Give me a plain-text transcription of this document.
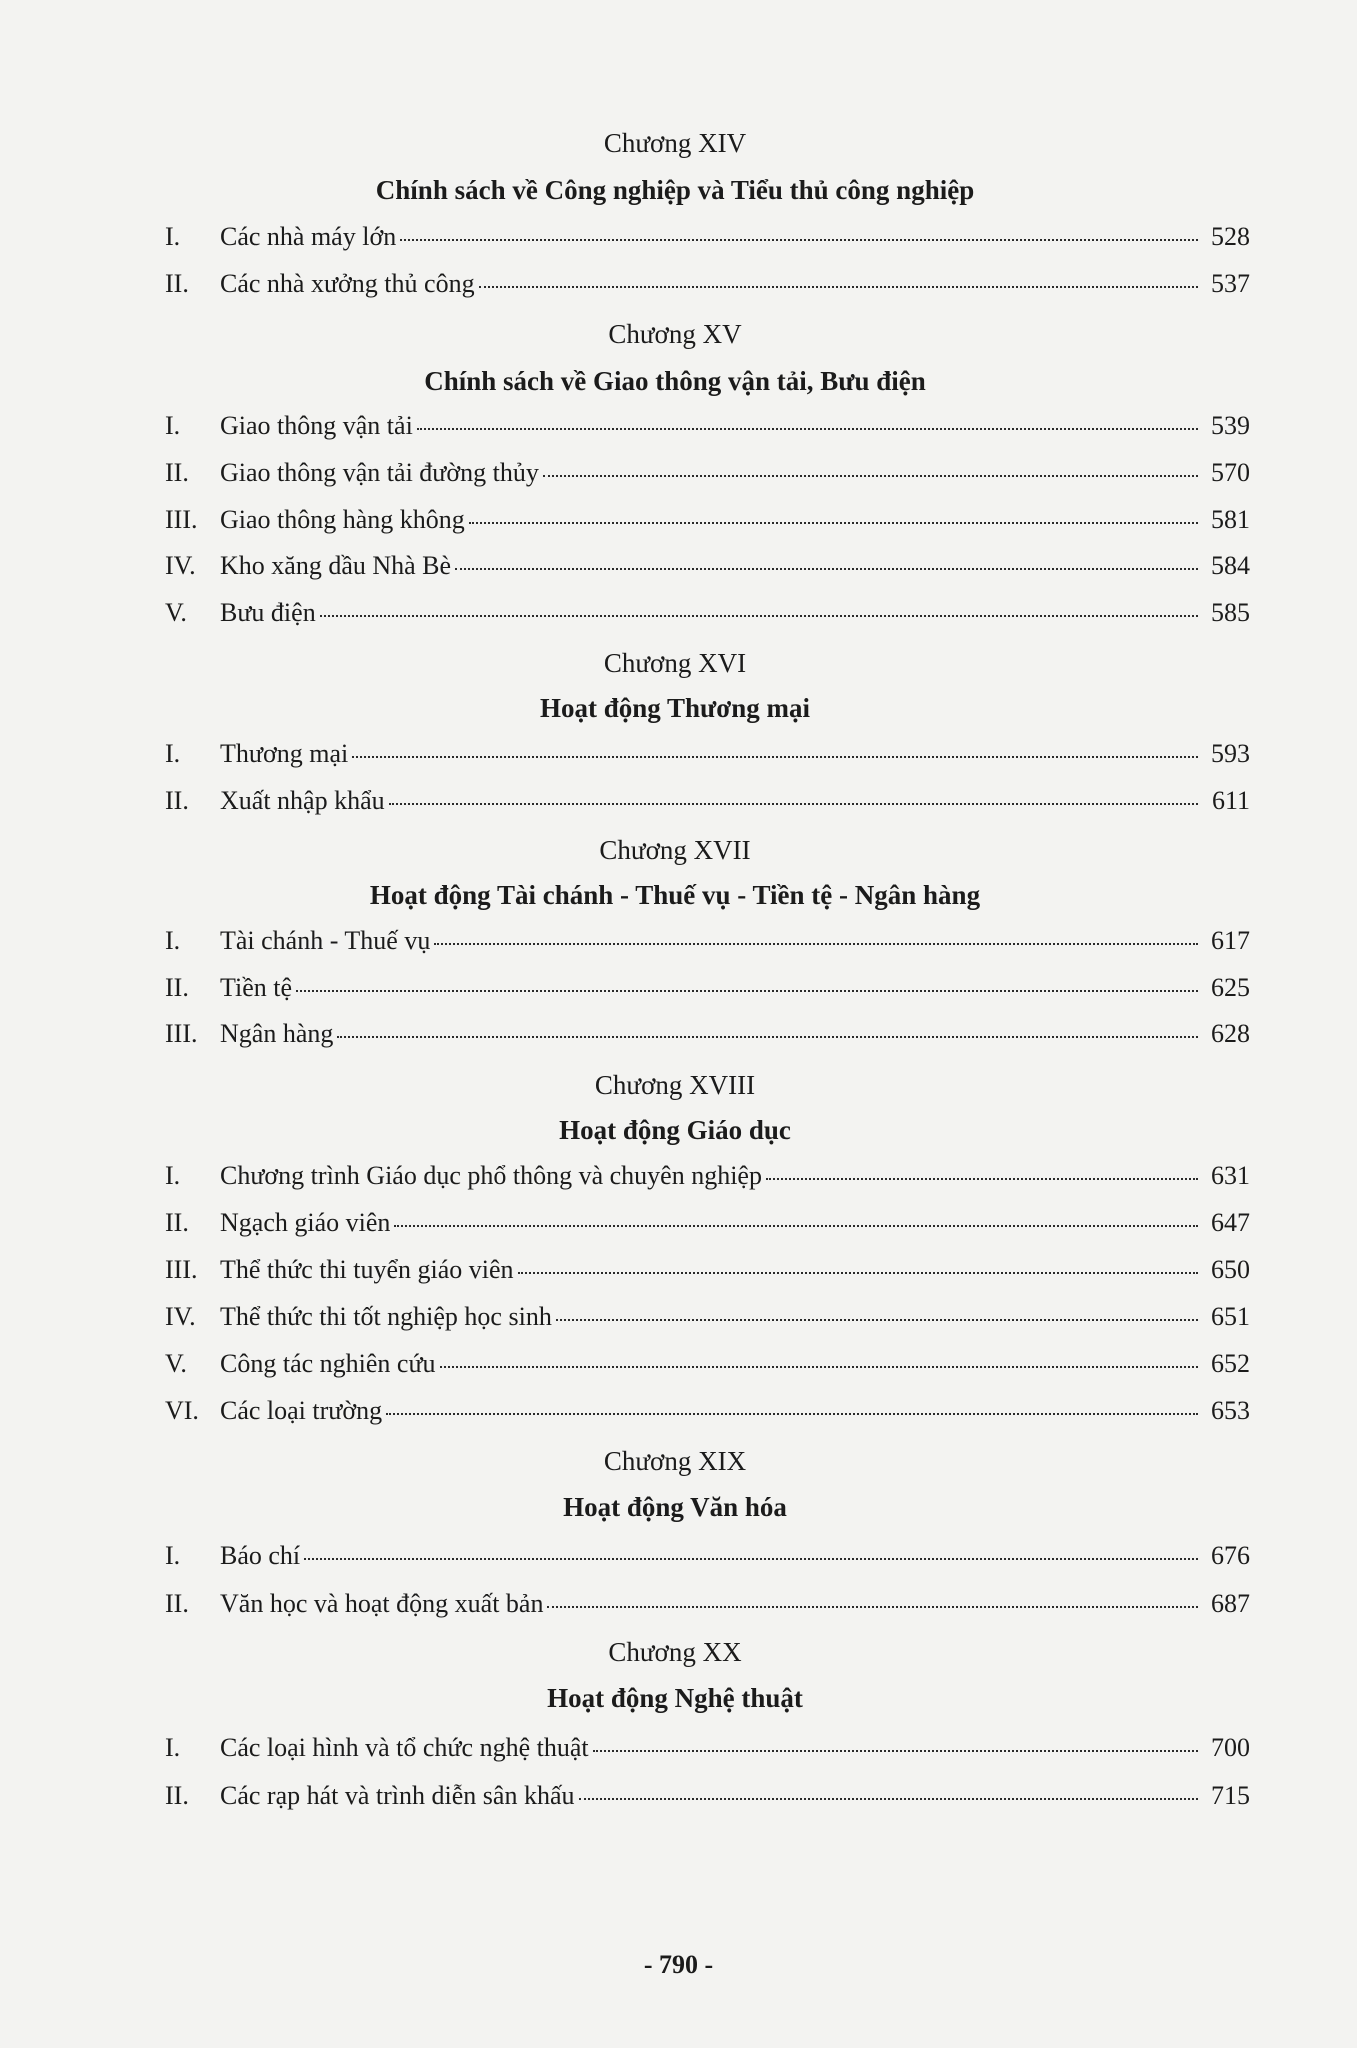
Chương XIV
Chính sách về Công nghiệp và Tiểu thủ công nghiệp
I.	Các nhà máy lớn	528
II.	Các nhà xưởng thủ công	537
Chương XV
Chính sách về Giao thông vận tải, Bưu điện
I.	Giao thông vận tải	539
II.	Giao thông vận tải đường thủy	570
III. Giao thông hàng không	581
IV. Kho xăng dầu Nhà Bè	584
V.	Bưu điện	585
Chương XVI
Hoạt động Thương mại
I.	Thương mại	593
II.	Xuất nhập khẩu	611
Chương XVII
Hoạt động Tài chánh - Thuế vụ - Tiền tệ - Ngân hàng
I.	Tài chánh - Thuế vụ	617
II.	Tiền tệ	625
III. Ngân hàng	628
Chương XVIII
Hoạt động Giáo dục
I.	Chương trình Giáo dục phổ thông và chuyên nghiệp	631
II.	Ngạch giáo viên	647
III. Thể thức thi tuyển giáo viên	650
IV. Thể thức thi tốt nghiệp học sinh	651
V.	Công tác nghiên cứu	652
VI. Các loại trường	653
Chương XIX
Hoạt động Văn hóa
I.	Báo chí	676
II.	Văn học và hoạt động xuất bản	687
Chương XX
Hoạt động Nghệ thuật
I.	Các loại hình và tổ chức nghệ thuật	700
II.	Các rạp hát và trình diễn sân khấu	715
- 790 -
